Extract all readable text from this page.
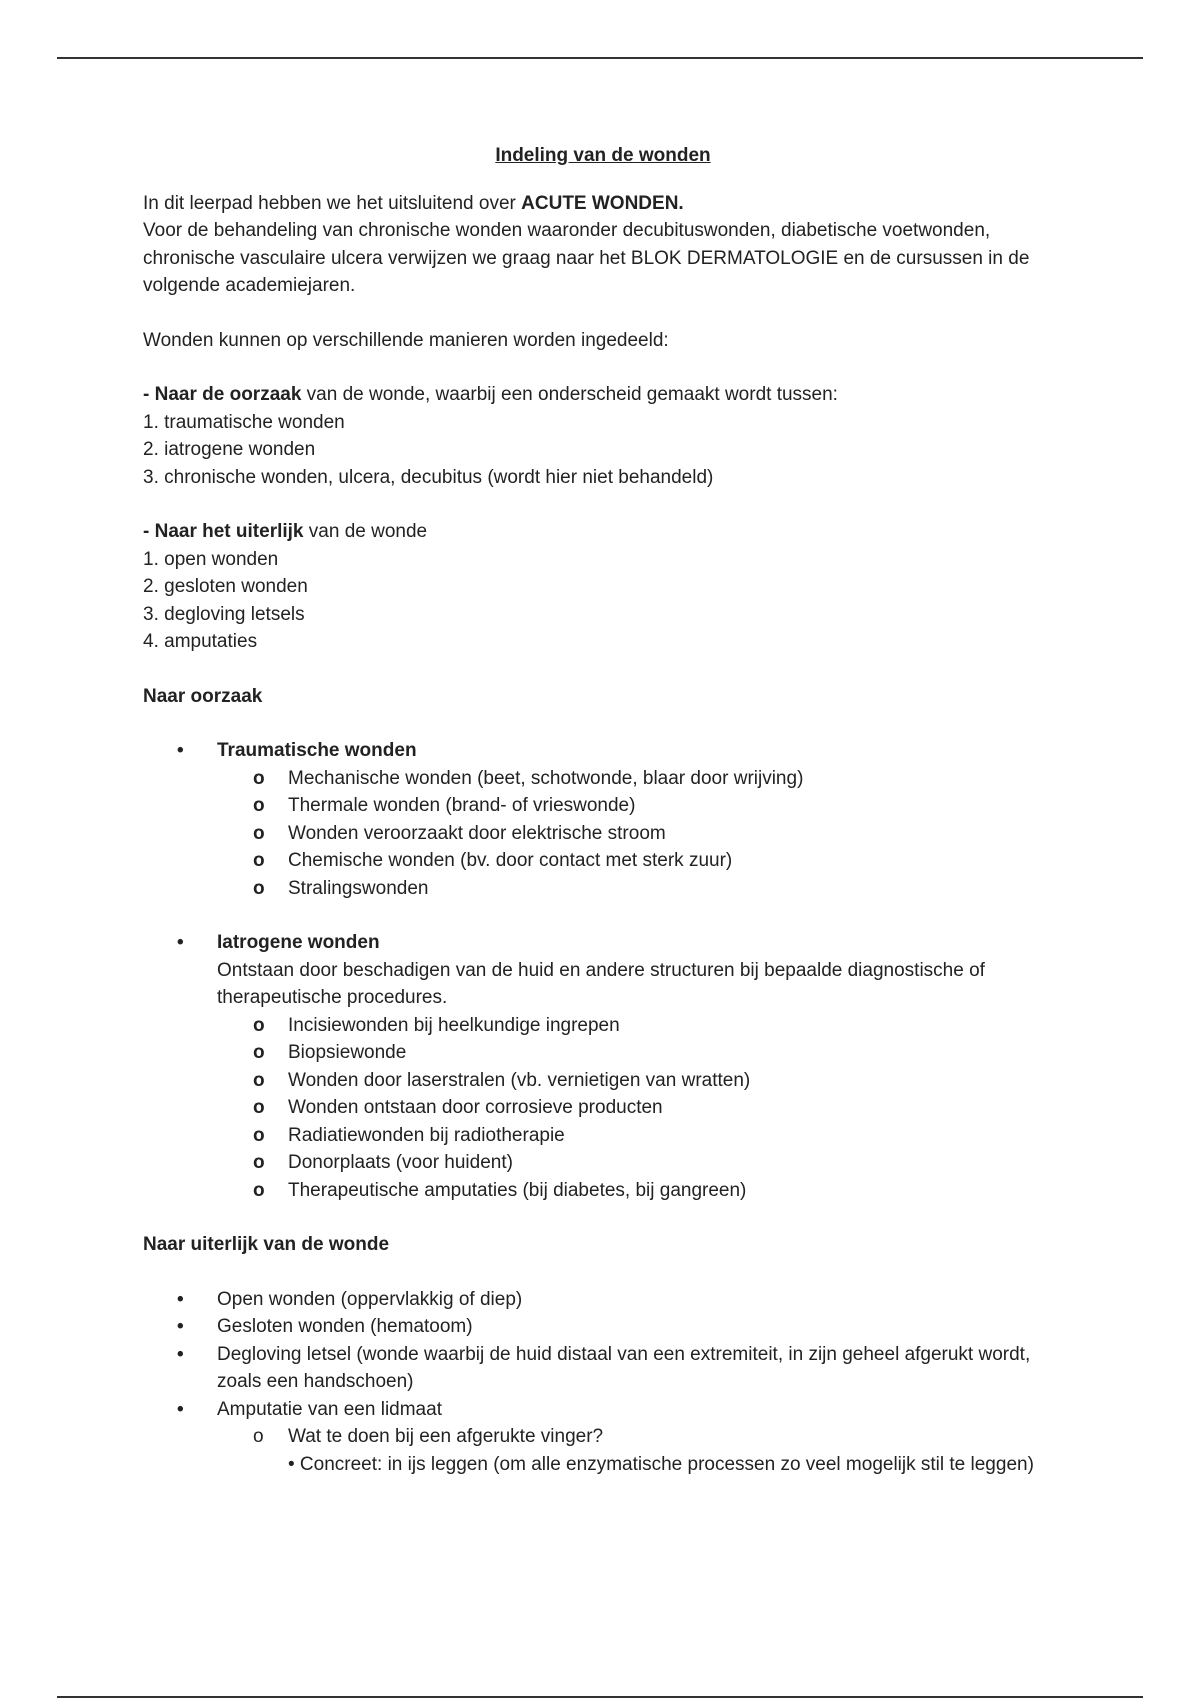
Indeling van de wonden

In dit leerpad hebben we het uitsluitend over ACUTE WONDEN.

Voor de behandeling van chronische wonden waaronder decubituswonden, diabetische voetwonden, chronische vasculaire ulcera verwijzen we graag naar het BLOK DERMATOLOGIE en de cursussen in de volgende academiejaren.

Wonden kunnen op verschillende manieren worden ingedeeld:

- Naar de oorzaak van de wonde, waarbij een onderscheid gemaakt wordt tussen:

1. traumatische wonden

2. iatrogene wonden

3. chronische wonden, ulcera, decubitus (wordt hier niet behandeld)

- Naar het uiterlijk van de wonde

1. open wonden

2. gesloten wonden

3. degloving letsels

4. amputaties

Naar oorzaak

• Traumatische wonden

o Mechanische wonden (beet, schotwonde, blaar door wrijving)

o Thermale wonden (brand- of vrieswonde)

o Wonden veroorzaakt door elektrische stroom

o Chemische wonden (bv. door contact met sterk zuur)

o Stralingswonden

• Iatrogene wonden

Ontstaan door beschadigen van de huid en andere structuren bij bepaalde diagnostische of therapeutische procedures.

o Incisiewonden bij heelkundige ingrepen

o Biopsiewonde

o Wonden door laserstralen (vb. vernietigen van wratten)

o Wonden ontstaan door corrosieve producten

o Radiatiewonden bij radiotherapie

o Donorplaats (voor huident)

o Therapeutische amputaties (bij diabetes, bij gangreen)

Naar uiterlijk van de wonde

• Open wonden (oppervlakkig of diep)

• Gesloten wonden (hematoom)

• Degloving letsel (wonde waarbij de huid distaal van een extremiteit, in zijn geheel afgerukt wordt, zoals een handschoen)

• Amputatie van een lidmaat

o Wat te doen bij een afgerukte vinger?

• Concreet: in ijs leggen (om alle enzymatische processen zo veel mogelijk stil te leggen)
